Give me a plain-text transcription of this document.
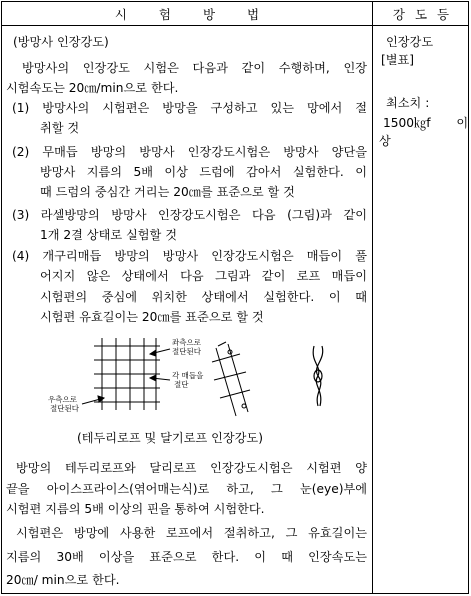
시 험 방 법	강 도 등
(방망사 인장강도)
방망사의 인장강도 시험은 다음과 같이 수행하며, 인장
시험속도는 20㎝/min으로 한다.
(1) 방망사의 시험편은 방망을 구성하고 있는 망에서 절
취할 것
(2) 무매듭 방망의 방망사 인장강도시험은 방망사 양단을
방망사 지름의 5배 이상 드럼에 감아서 실험한다. 이
때 드럼의 중심간 거리는 20㎝를 표준으로 할 것
(3) 라셀방망의 방망사 인장강도시험은 다음 (그림)과 같이
1개 2결 상태로 실험할 것
(4) 개구리매듭 방망의 방망사 인장강도시험은 매듭이 풀
어지지 않은 상태에서 다음 그림과 같이 로프 매듭이
시험편의 중심에 위치한 상태에서 실험한다. 이 때
시험편 유효길이는 20㎝를 표준으로 할 것
좌측으로
절단된다
각 매듭을
절단
우측으로
절단된다
(테두리로프 및 달기로프 인장강도)
방망의 테두리로프와 달리로프 인장강도시험은 시험편 양
끝을 아이스프라이스(엮어매는식)로 하고, 그 눈(eye)부에
시험편 지름의 5배 이상의 핀을 통하여 시험한다.
시험편은 방망에 사용한 로프에서 절취하고, 그 유효길이는
지름의 30배 이상을 표준으로 한다. 이 때 인장속도는
20㎝/ min으로 한다.
인장강도
[별표]
최소치 :
1500㎏f 이
상
